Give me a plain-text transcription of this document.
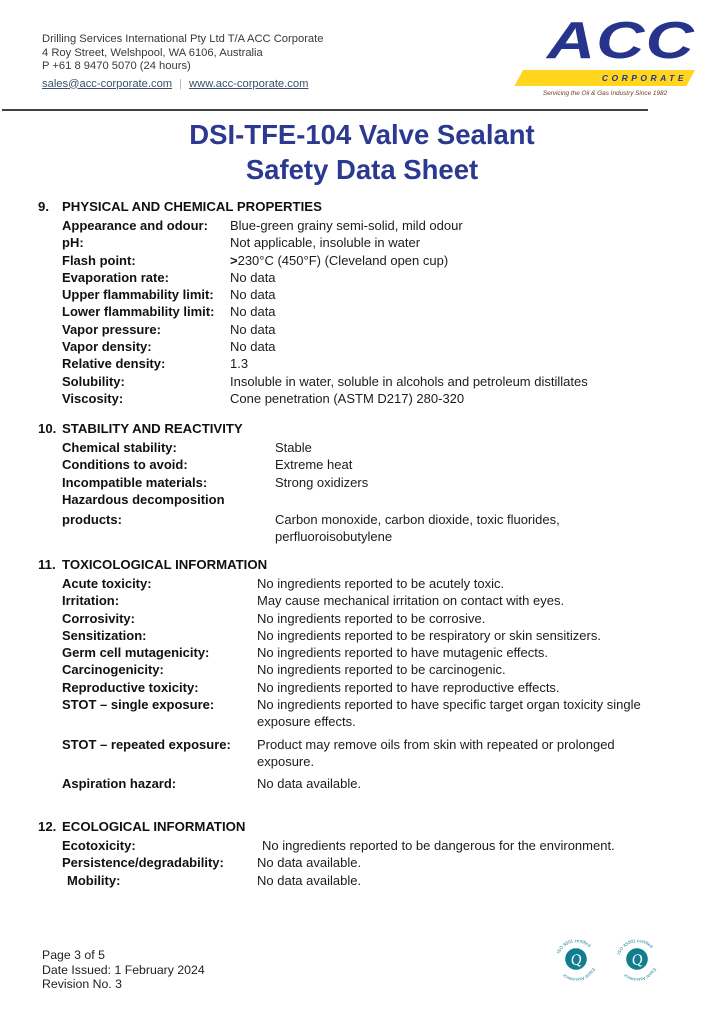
Drilling Services International Pty Ltd T/A ACC Corporate
4 Roy Street, Welshpool, WA 6106, Australia
P +61 8 9470 5070 (24 hours)
sales@acc-corporate.com | www.acc-corporate.com
ACC
CORPORATE
Servicing the Oil & Gas Industry Since 1982
DSI-TFE-104 Valve Sealant
Safety Data Sheet
9. PHYSICAL AND CHEMICAL PROPERTIES
Appearance and odour:	Blue-green grainy semi-solid, mild odour
pH:	Not applicable, insoluble in water
Flash point:	>230°C (450°F) (Cleveland open cup)
Evaporation rate:	No data
Upper flammability limit:	No data
Lower flammability limit:	No data
Vapor pressure:	No data
Vapor density:	No data
Relative density:	1.3
Solubility:	Insoluble in water, soluble in alcohols and petroleum distillates
Viscosity:	Cone penetration (ASTM D217) 280-320
10. STABILITY AND REACTIVITY
Chemical stability:	Stable
Conditions to avoid:	Extreme heat
Incompatible materials:	Strong oxidizers
Hazardous decomposition
products:	Carbon monoxide, carbon dioxide, toxic fluorides, perfluoroisobutylene
11. TOXICOLOGICAL INFORMATION
Acute toxicity:	No ingredients reported to be acutely toxic.
Irritation:	May cause mechanical irritation on contact with eyes.
Corrosivity:	No ingredients reported to be corrosive.
Sensitization:	No ingredients reported to be respiratory or skin sensitizers.
Germ cell mutagenicity:	No ingredients reported to have mutagenic effects.
Carcinogenicity:	No ingredients reported to be carcinogenic.
Reproductive toxicity:	No ingredients reported to have reproductive effects.
STOT – single exposure:	No ingredients reported to have specific target organ toxicity single exposure effects.
STOT – repeated exposure:	Product may remove oils from skin with repeated or prolonged exposure.
Aspiration hazard:	No data available.
12. ECOLOGICAL INFORMATION
Ecotoxicity:	No ingredients reported to be dangerous for the environment.
Persistence/degradability:	No data available.
Mobility:	No data available.
Page 3 of 5
Date Issued: 1 February 2024
Revision No. 3
Q
ISO 9001 certified
Equal Assurance
Q
ISO 45001 certified
Equal Assurance
